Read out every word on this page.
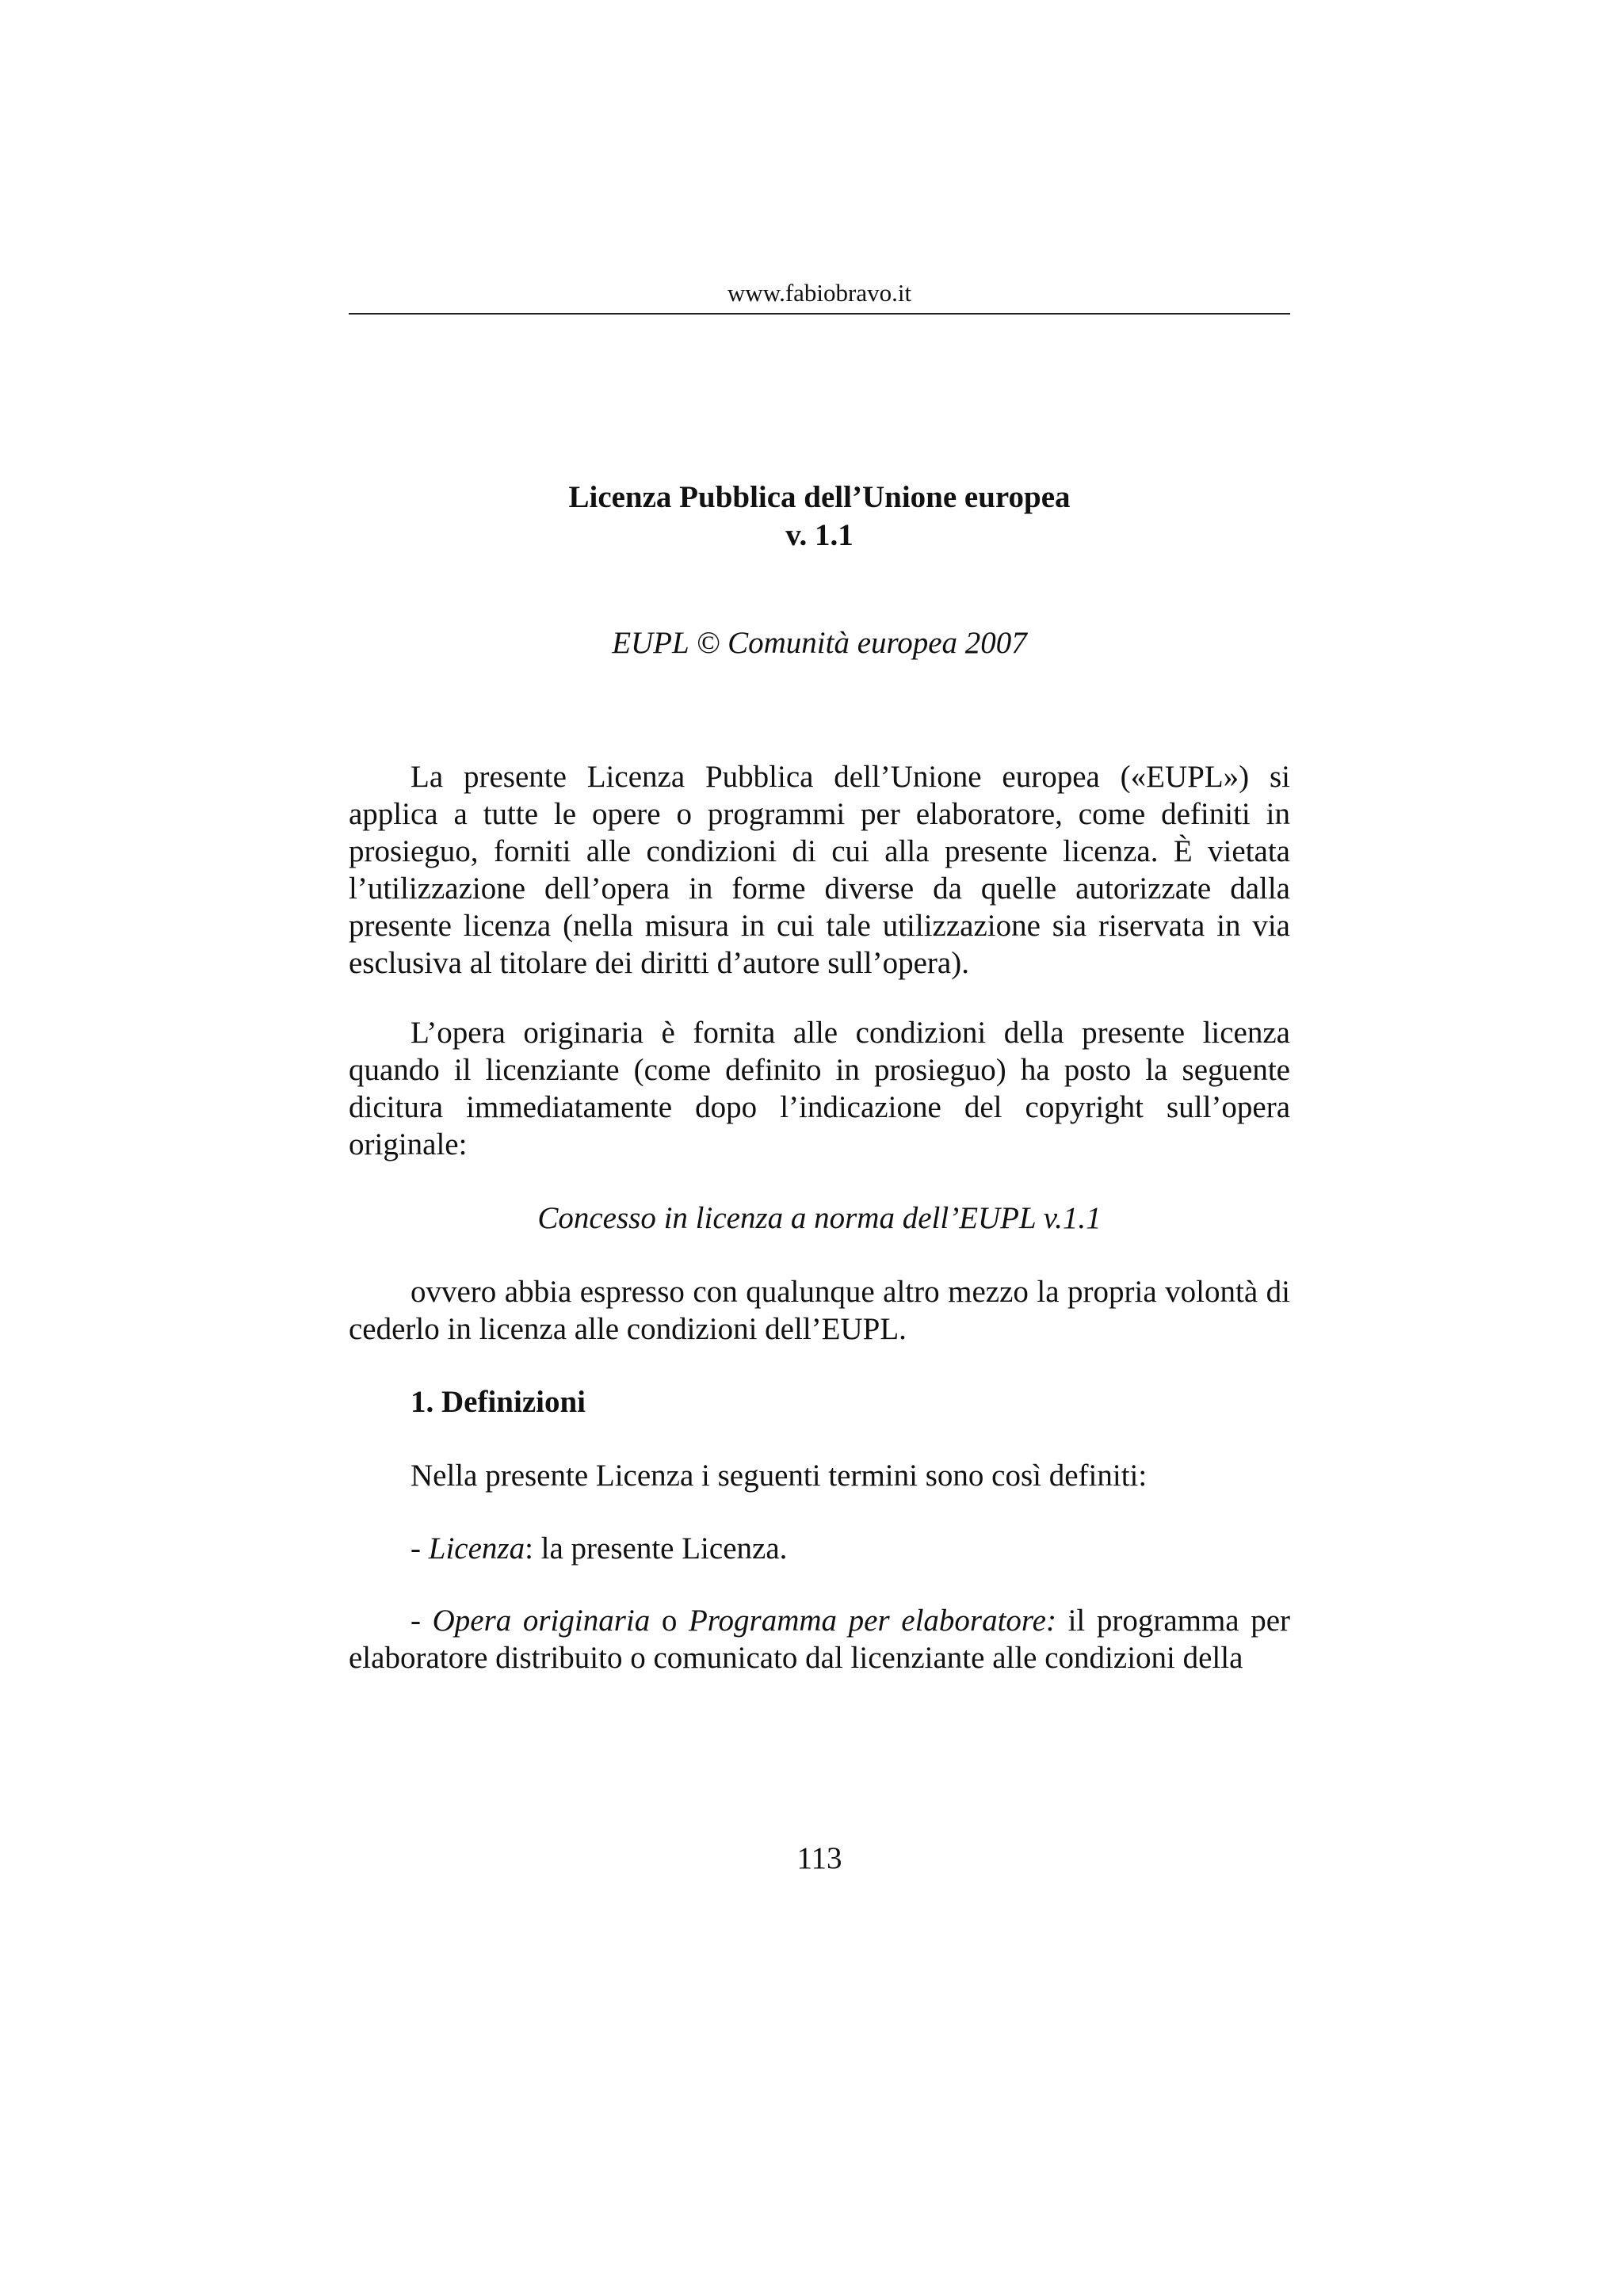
www.fabiobravo.it
Licenza Pubblica dell’Unione europea
v. 1.1
EUPL © Comunità europea 2007

La presente Licenza Pubblica dell’Unione europea («EUPL») si applica a tutte le opere o programmi per elaboratore, come definiti in prosieguo, forniti alle condizioni di cui alla presente licenza. È vietata l’utilizzazione dell’opera in forme diverse da quelle autorizzate dalla presente licenza (nella misura in cui tale utilizzazione sia riservata in via esclusiva al titolare dei diritti d’autore sull’opera).

L’opera originaria è fornita alle condizioni della presente licenza quando il licenziante (come definito in prosieguo) ha posto la seguente dicitura immediatamente dopo l’indicazione del copyright sull’opera originale:

Concesso in licenza a norma dell’EUPL v.1.1

ovvero abbia espresso con qualunque altro mezzo la propria volontà di cederlo in licenza alle condizioni dell’EUPL.

1. Definizioni
Nella presente Licenza i seguenti termini sono così definiti:
- Licenza: la presente Licenza.

- Opera originaria o Programma per elaboratore: il programma per elaboratore distribuito o comunicato dal licenziante alle condizioni della

113
